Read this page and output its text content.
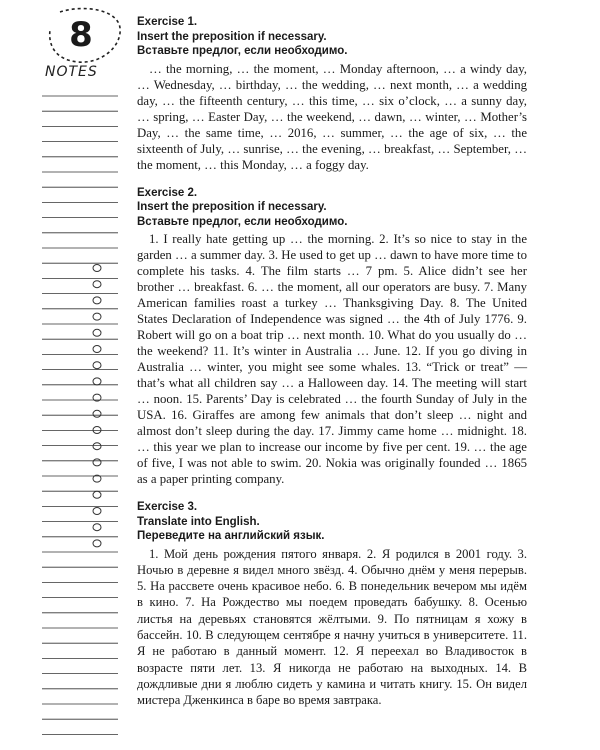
8
NOTES
Exercise 1.
Insert the preposition if necessary.
Вставьте предлог, если необходимо.
… the morning, … the moment, … Monday afternoon, … a windy day, … Wednesday, … birthday, … the wedding, … next month, … a wedding day, … the fifteenth century, … this time, … six o’clock, … a sunny day, … spring, … Easter Day, … the weekend, … dawn, … winter, … Mother’s Day, … the same time, … 2016, … summer, … the age of six, … the sixteenth of July, … sunrise, … the evening, … breakfast, … September, … the moment, … this Monday, … a foggy day.
Exercise 2.
Insert the preposition if necessary.
Вставьте предлог, если необходимо.
1. I really hate getting up … the morning. 2. It’s so nice to stay in the garden … a summer day. 3. He used to get up … dawn to have more time to complete his tasks. 4. The film starts … 7 pm. 5. Alice didn’t see her brother … breakfast. 6. … the moment, all our operators are busy. 7. Many American families roast a turkey … Thanksgiving Day. 8. The United States Declaration of Independence was signed … the 4th of July 1776. 9. Robert will go on a boat trip … next month. 10. What do you usually do … the weekend? 11. It’s winter in Australia … June. 12. If you go diving in Australia … winter, you might see some whales. 13. “Trick or treat” — that’s what all children say … a Halloween day. 14. The meeting will start … noon. 15. Parents’ Day is celebrated … the fourth Sunday of July in the USA. 16. Giraffes are among few animals that don’t sleep … night and almost don’t sleep during the day. 17. Jimmy came home … midnight. 18. … this year we plan to increase our income by five per cent. 19. … the age of five, I was not able to swim. 20. Nokia was originally founded … 1865 as a paper printing company.
Exercise 3.
Translate into English.
Переведите на английский язык.
1. Мой день рождения пятого января. 2. Я родился в 2001 году. 3. Ночью в деревне я видел много звёзд. 4. Обычно днём у меня перерыв. 5. На рассвете очень красивое небо. 6. В понедельник вечером мы идём в кино. 7. На Рождество мы поедем проведать бабушку. 8. Осенью листья на деревьях становятся жёлтыми. 9. По пятницам я хожу в бассейн. 10. В следующем сентябре я начну учиться в университете. 11. Я не работаю в данный момент. 12. Я переехал во Владивосток в возрасте пяти лет. 13. Я никогда не работаю на выходных. 14. В дождливые дни я люблю сидеть у камина и читать книгу. 15. Он видел мистера Дженкинса в баре во время завтрака.
